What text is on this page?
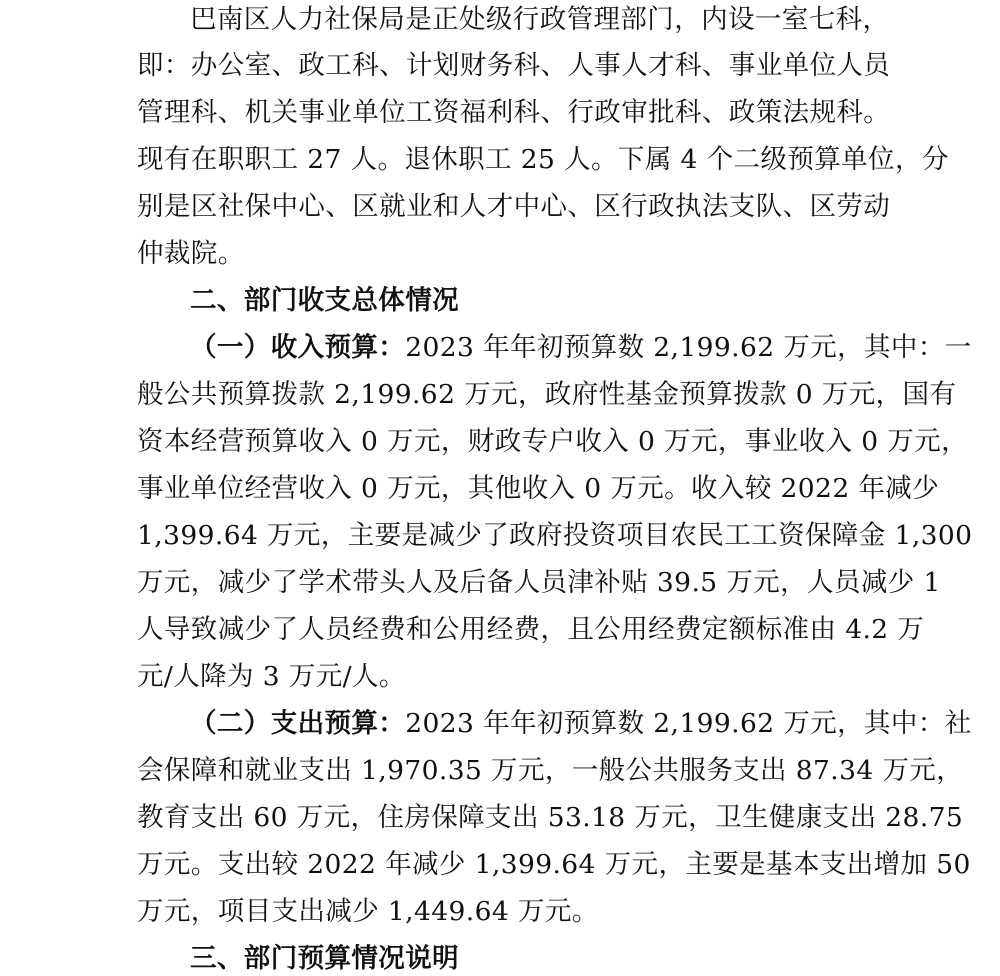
巴南区人力社保局是正处级行政管理部门，内设一室七科，
即：办公室、政工科、计划财务科、人事人才科、事业单位人员
管理科、机关事业单位工资福利科、行政审批科、政策法规科。
现有在职职工 27 人。退休职工 25 人。下属 4 个二级预算单位，分
别是区社保中心、区就业和人才中心、区行政执法支队、区劳动
仲裁院。
二、部门收支总体情况
（一）收入预算：2023 年年初预算数 2,199.62 万元，其中：一
般公共预算拨款 2,199.62 万元，政府性基金预算拨款 0 万元，国有
资本经营预算收入 0 万元，财政专户收入 0 万元，事业收入 0 万元，
事业单位经营收入 0 万元，其他收入 0 万元。收入较 2022 年减少
1,399.64 万元，主要是减少了政府投资项目农民工工资保障金 1,300
万元，减少了学术带头人及后备人员津补贴 39.5 万元，人员减少 1
人导致减少了人员经费和公用经费，且公用经费定额标准由 4.2 万
元/人降为 3 万元/人。
（二）支出预算：2023 年年初预算数 2,199.62 万元，其中：社
会保障和就业支出 1,970.35 万元，一般公共服务支出 87.34 万元，
教育支出 60 万元，住房保障支出 53.18 万元，卫生健康支出 28.75
万元。支出较 2022 年减少 1,399.64 万元，主要是基本支出增加 50
万元，项目支出减少 1,449.64 万元。
三、部门预算情况说明
